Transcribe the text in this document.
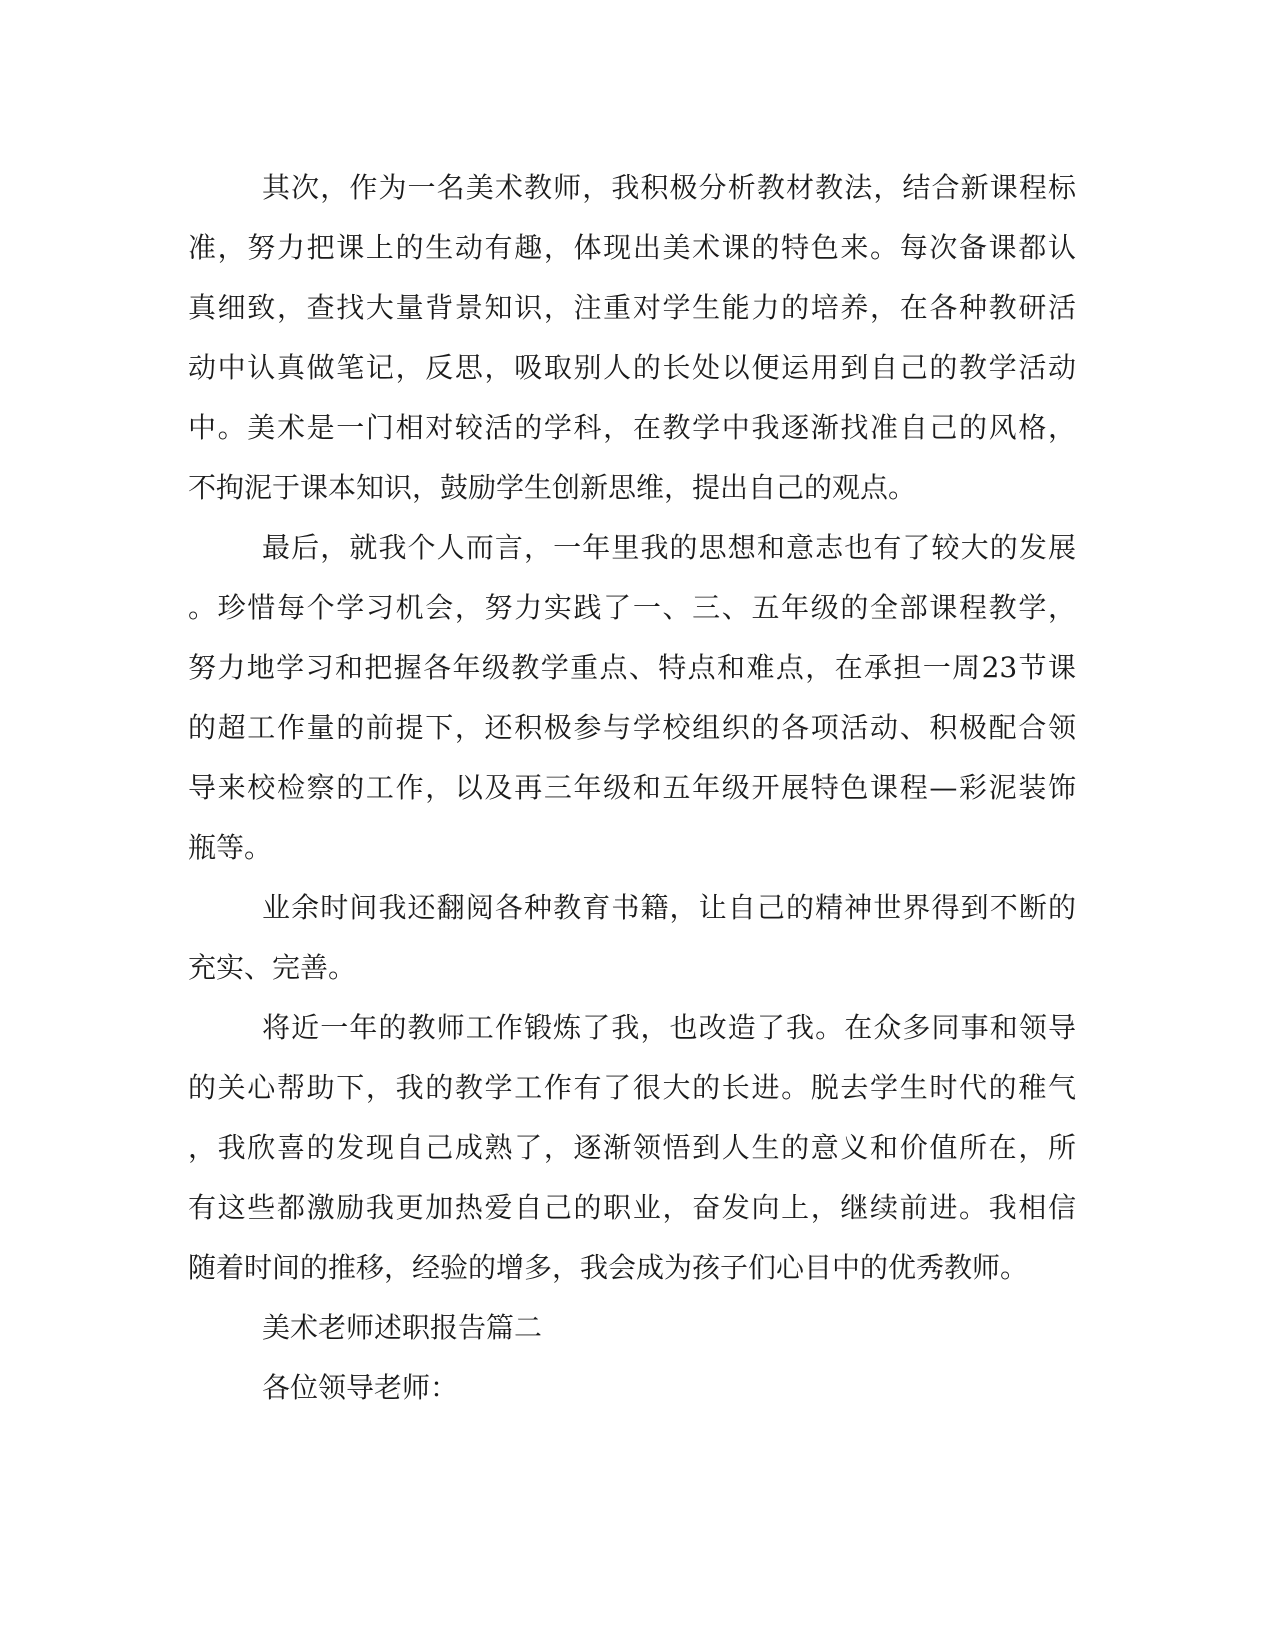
其次，作为一名美术教师，我积极分析教材教法，结合新课程标
准，努力把课上的生动有趣，体现出美术课的特色来。每次备课都认
真细致，查找大量背景知识，注重对学生能力的培养，在各种教研活
动中认真做笔记，反思，吸取别人的长处以便运用到自己的教学活动
中。美术是一门相对较活的学科，在教学中我逐渐找准自己的风格，
不拘泥于课本知识，鼓励学生创新思维，提出自己的观点。
最后，就我个人而言，一年里我的思想和意志也有了较大的发展
。珍惜每个学习机会，努力实践了一、三、五年级的全部课程教学，
努力地学习和把握各年级教学重点、特点和难点，在承担一周23节课
的超工作量的前提下，还积极参与学校组织的各项活动、积极配合领
导来校检察的工作，以及再三年级和五年级开展特色课程—彩泥装饰
瓶等。
业余时间我还翻阅各种教育书籍，让自己的精神世界得到不断的
充实、完善。
将近一年的教师工作锻炼了我，也改造了我。在众多同事和领导
的关心帮助下，我的教学工作有了很大的长进。脱去学生时代的稚气
，我欣喜的发现自己成熟了，逐渐领悟到人生的意义和价值所在，所
有这些都激励我更加热爱自己的职业，奋发向上，继续前进。我相信
随着时间的推移，经验的增多，我会成为孩子们心目中的优秀教师。
美术老师述职报告篇二
各位领导老师：
